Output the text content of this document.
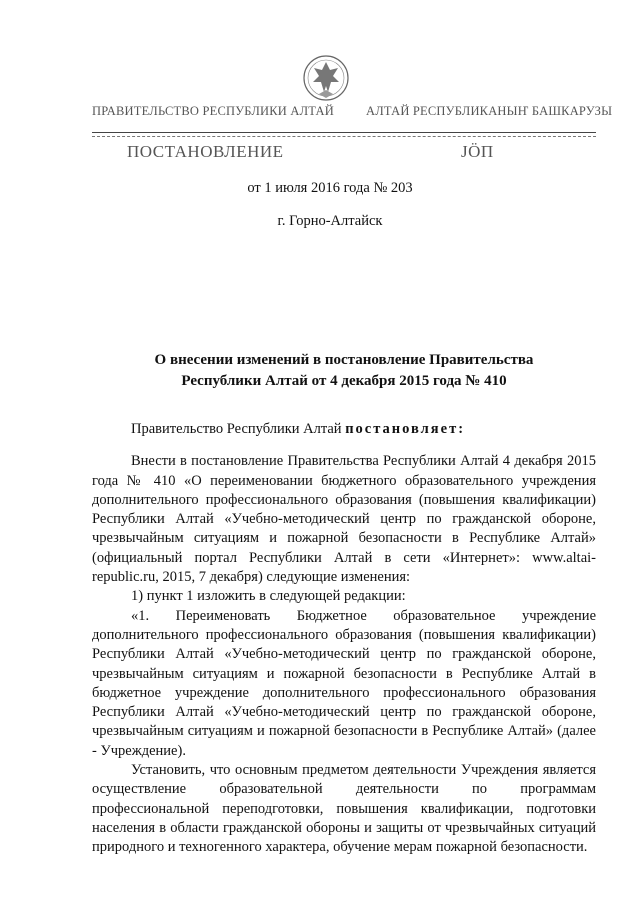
ПРАВИТЕЛЬСТВО РЕСПУБЛИКИ АЛТАЙ	АЛТАЙ РЕСПУБЛИКАНЫҤ БАШКАРУЗЫ
ПОСТАНОВЛЕНИЕ	JÖП
от 1 июля 2016 года № 203
г. Горно-Алтайск
О внесении изменений в постановление Правительства
Республики Алтай от 4 декабря 2015 года № 410

Правительство Республики Алтай постановляет:

Внести в постановление Правительства Республики Алтай 4 декабря 2015 года № 410 «О переименовании бюджетного образовательного учреждения дополнительного профессионального образования (повышения квалификации) Республики Алтай «Учебно-методический центр по гражданской обороне, чрезвычайным ситуациям и пожарной безопасности в Республике Алтай» (официальный портал Республики Алтай в сети «Интернет»: www.altai-republic.ru, 2015, 7 декабря) следующие изменения:

1) пункт 1 изложить в следующей редакции:

«1. Переименовать Бюджетное образовательное учреждение дополнительного профессионального образования (повышения квалификации) Республики Алтай «Учебно-методический центр по гражданской обороне, чрезвычайным ситуациям и пожарной безопасности в Республике Алтай в бюджетное учреждение дополнительного профессионального образования Республики Алтай «Учебно-методический центр по гражданской обороне, чрезвычайным ситуациям и пожарной безопасности в Республике Алтай» (далее - Учреждение).

Установить, что основным предметом деятельности Учреждения является осуществление образовательной деятельности по программам профессиональной переподготовки, повышения квалификации, подготовки населения в области гражданской обороны и защиты от чрезвычайных ситуаций природного и техногенного характера, обучение мерам пожарной безопасности.
